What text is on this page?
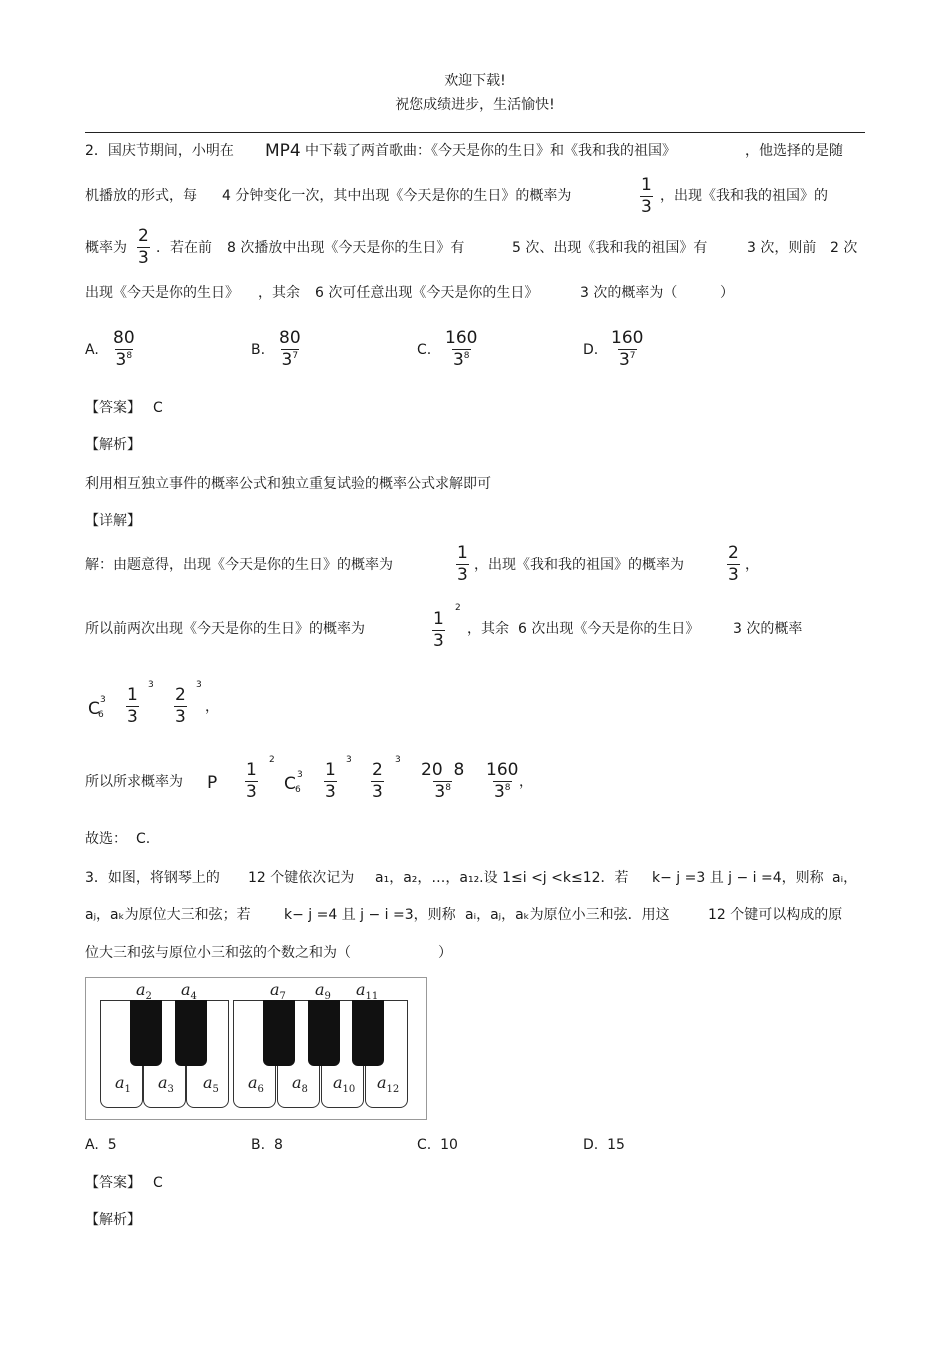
欢迎下载!
祝您成绩进步，生活愉快!
2．国庆节期间，小明在 MP4 中下载了两首歌曲：《今天是你的生日》和《我和我的祖国》	，他选择的是随
机播放的形式，每 4 分钟变化一次，其中出现《今天是你的生日》的概率为	$\frac{1}{3}$ ，出现《我和我的祖国》的
概率为 $\frac{2}{3}$ ．若在前 8 次播放中出现《今天是你的生日》有	5 次、出现《我和我的祖国》有	3 次，则前 2 次
出现《今天是你的生日》 ，其余 6 次可任意出现《今天是你的生日》	3 次的概率为（	）
A. $\frac{80}{3^8}$	B. $\frac{80}{3^7}$	C. $\frac{160}{3^8}$	D. $\frac{160}{3^7}$
【答案】 C
【解析】
利用相互独立事件的概率公式和独立重复试验的概率公式求解即可
【详解】
解：由题意得，出现《今天是你的生日》的概率为	$\frac{1}{3}$ ，出现《我和我的祖国》的概率为	$\frac{2}{3}$ ，
所以前两次出现《今天是你的生日》的概率为	$\frac{1}{3}$
2
，其余 6 次出现《今天是你的生日》 3 次的概率
C 3
$6 \frac{1}{3}$
3
$\frac{2}{3}$
3
，
所以所求概率为 P $\frac{1}{3}$
2
C 3
$6 \frac{1}{3}$
3
$\frac{2}{3}$
3
$\frac{20 8}{3^8} \frac{160}{3^8}$ ，
故选： C.
3．如图，将钢琴上的 12 个键依次记为 a₁，a₂，…，a₁₂.设 1≤i <j <k≤12．若 k− j =3 且 j − i =4，则称 aᵢ，
aⱼ，aₖ为原位大三和弦；若 k− j =4 且 j − i =3，则称 aᵢ，aⱼ，aₖ为原位小三和弦．用这	12 个键可以构成的原
位大三和弦与原位小三和弦的个数之和为（	）
$a_2$ $a_4$	$a_7$ $a_9$ $a_{11}$
$a_1$ $a_3$ $a_5$ $a_6$ $a_8$ $a_{10}$ $a_{12}$
A. 5	B. 8	C. 10	D. 15
【答案】 C
【解析】
